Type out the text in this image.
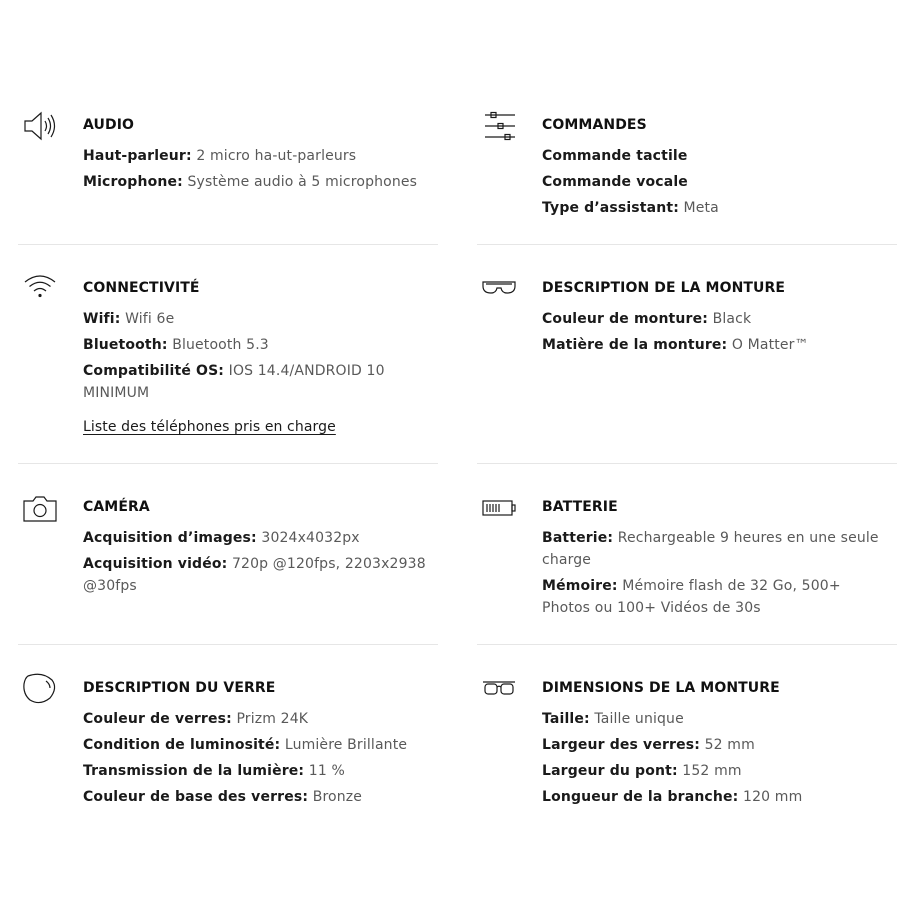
AUDIO
Haut-parleur: 2 micro ha-ut-parleurs
Microphone: Système audio à 5 microphones
CONNECTIVITÉ
Wifi: Wifi 6e
Bluetooth: Bluetooth 5.3
Compatibilité OS: IOS 14.4/ANDROID 10 MINIMUM
Liste des téléphones pris en charge
CAMÉRA
Acquisition d’images: 3024x4032px
Acquisition vidéo: 720p @120fps, 2203x2938 @30fps
DESCRIPTION DU VERRE
Couleur de verres: Prizm 24K
Condition de luminosité: Lumière Brillante
Transmission de la lumière: 11 %
Couleur de base des verres: Bronze
COMMANDES
Commande tactile
Commande vocale
Type d’assistant: Meta
DESCRIPTION DE LA MONTURE
Couleur de monture: Black
Matière de la monture: O Matter™
BATTERIE
Batterie: Rechargeable 9 heures en une seule charge
Mémoire: Mémoire flash de 32 Go, 500+ Photos ou 100+ Vidéos de 30s
DIMENSIONS DE LA MONTURE
Taille: Taille unique
Largeur des verres: 52 mm
Largeur du pont: 152 mm
Longueur de la branche: 120 mm
